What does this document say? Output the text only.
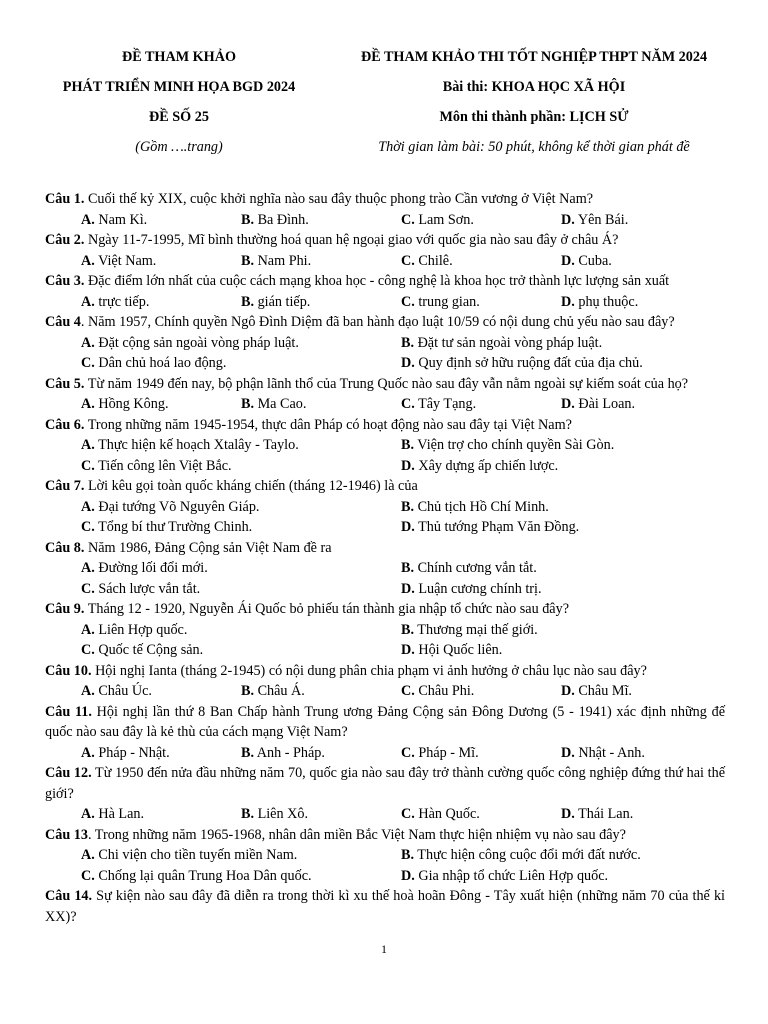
ĐỀ THAM KHẢO
PHÁT TRIỂN MINH HỌA BGD 2024
ĐỀ SỐ 25
(Gồm ….trang)
ĐỀ THAM KHẢO THI TỐT NGHIỆP THPT NĂM 2024
Bài thi: KHOA HỌC XÃ HỘI
Môn thi thành phần: LỊCH SỬ
Thời gian làm bài: 50 phút, không kể thời gian phát đề
Câu 1. Cuối thế kỷ XIX, cuộc khởi nghĩa nào sau đây thuộc phong trào Cần vương ở Việt Nam?
A. Nam Kì.	B. Ba Đình.	C. Lam Sơn.	D. Yên Bái.
Câu 2. Ngày 11-7-1995, Mĩ bình thường hoá quan hệ ngoại giao với quốc gia nào sau đây ở châu Á?
A. Việt Nam.	B. Nam Phi.	C. Chilê.	D. Cuba.
Câu 3. Đặc điểm lớn nhất của cuộc cách mạng khoa học - công nghệ là khoa học trở thành lực lượng sản xuất
A. trực tiếp.	B. gián tiếp.	C. trung gian.	D. phụ thuộc.
Câu 4. Năm 1957, Chính quyền Ngô Đình Diệm đã ban hành đạo luật 10/59 có nội dung chủ yếu nào sau đây?
A. Đặt cộng sản ngoài vòng pháp luật.	B. Đặt tư sản ngoài vòng pháp luật.
C. Dân chủ hoá lao động.	D. Quy định sở hữu ruộng đất của địa chủ.
Câu 5. Từ năm 1949 đến nay, bộ phận lãnh thổ của Trung Quốc nào sau đây vẫn nằm ngoài sự kiếm soát của họ?
A. Hồng Kông.	B. Ma Cao.	C. Tây Tạng.	D. Đài Loan.
Câu 6. Trong những năm 1945-1954, thực dân Pháp có hoạt động nào sau đây tại Việt Nam?
A. Thực hiện kế hoạch Xtalây - Taylo.	B. Viện trợ cho chính quyền Sài Gòn.
C. Tiến công lên Việt Bắc.	D. Xây dựng ấp chiến lược.
Câu 7. Lời kêu gọi toàn quốc kháng chiến (tháng 12-1946) là của
A. Đại tướng Võ Nguyên Giáp.	B. Chủ tịch Hồ Chí Minh.
C. Tổng bí thư Trường Chinh.	D. Thủ tướng Phạm Văn Đồng.
Câu 8. Năm 1986, Đảng Cộng sản Việt Nam đề ra
A. Đường lối đổi mới.	B. Chính cương vắn tắt.
C. Sách lược vắn tắt.	D. Luận cương chính trị.
Câu 9. Tháng 12 - 1920, Nguyễn Ái Quốc bỏ phiếu tán thành gia nhập tổ chức nào sau đây?
A. Liên Hợp quốc.	B. Thương mại thế giới.
C. Quốc tế Cộng sản.	D. Hội Quốc liên.
Câu 10. Hội nghị Ianta (tháng 2-1945) có nội dung phân chia phạm vi ảnh hưởng ở châu lục nào sau đây?
A. Châu Úc.	B. Châu Á.	C. Châu Phi.	D. Châu Mĩ.
Câu 11. Hội nghị lần thứ 8 Ban Chấp hành Trung ương Đảng Cộng sản Đông Dương (5 - 1941) xác định những đế quốc nào sau đây là kẻ thù của cách mạng Việt Nam?
A. Pháp - Nhật.	B. Anh - Pháp.	C. Pháp - Mĩ.	D. Nhật - Anh.
Câu 12. Từ 1950 đến nửa đầu những năm 70, quốc gia nào sau đây trở thành cường quốc công nghiệp đứng thứ hai thế giới?
A. Hà Lan.	B. Liên Xô.	C. Hàn Quốc.	D. Thái Lan.
Câu 13. Trong những năm 1965-1968, nhân dân miền Bắc Việt Nam thực hiện nhiệm vụ nào sau đây?
A. Chi viện cho tiền tuyến miền Nam.	B. Thực hiện công cuộc đổi mới đất nước.
C. Chống lại quân Trung Hoa Dân quốc.	D. Gia nhập tổ chức Liên Hợp quốc.
Câu 14. Sự kiện nào sau đây đã diễn ra trong thời kì xu thế hoà hoãn Đông - Tây xuất hiện (những năm 70 của thế kỉ XX)?
1
